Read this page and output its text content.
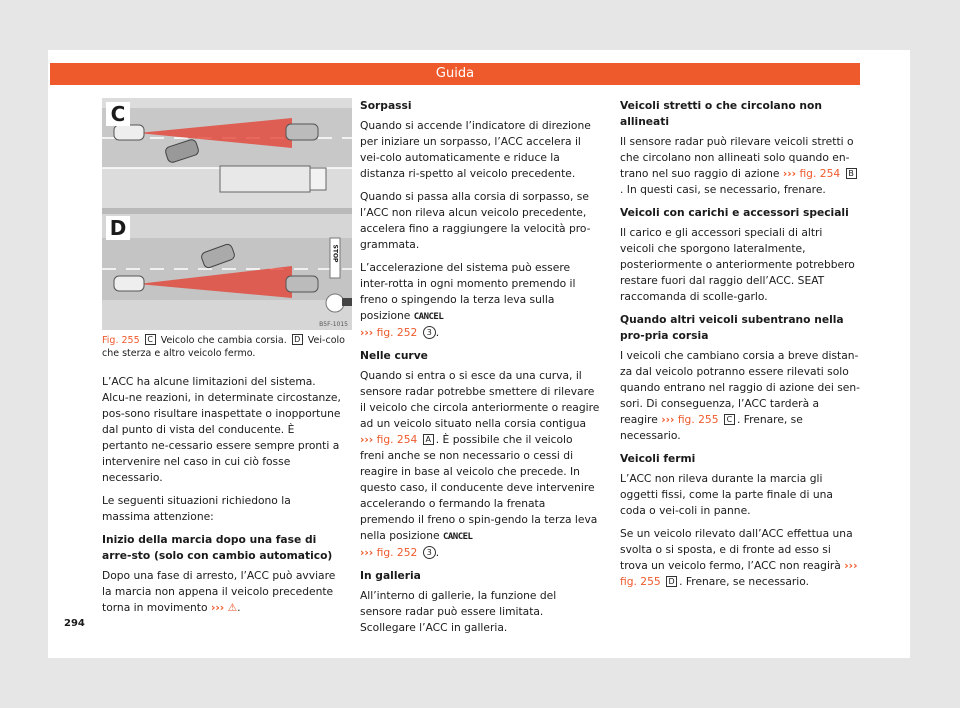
Guida
C
D
STOP
B5F-1015
Fig. 255 C Veicolo che cambia corsia. D Vei-colo che sterza e altro veicolo fermo.

L’ACC ha alcune limitazioni del sistema. Alcu-ne reazioni, in determinate circostanze, pos-sono risultare inaspettate o inopportune dal punto di vista del conducente. È pertanto ne-cessario essere sempre pronti a intervenire nel caso in cui ciò fosse necessario.

Le seguenti situazioni richiedono la massima attenzione:

Inizio della marcia dopo una fase di arre-sto (solo con cambio automatico)

Dopo una fase di arresto, l’ACC può avviare la marcia non appena il veicolo precedente torna in movimento ››› ⚠.

Sorpassi

Quando si accende l’indicatore di direzione per iniziare un sorpasso, l’ACC accelera il vei-colo automaticamente e riduce la distanza ri-spetto al veicolo precedente.

Quando si passa alla corsia di sorpasso, se l’ACC non rileva alcun veicolo precedente, accelera fino a raggiungere la velocità pro-grammata.

L’accelerazione del sistema può essere inter-rotta in ogni momento premendo il freno o spingendo la terza leva sulla posizione CANCEL
››› fig. 252 3 .

Nelle curve

Quando si entra o si esce da una curva, il sensore radar potrebbe smettere di rilevare il veicolo che circola anteriormente o reagire ad un veicolo situato nella corsia contigua ››› fig. 254 A . È possibile che il veicolo freni anche se non necessario o cessi di reagire in base al veicolo che precede. In questo caso, il conducente deve intervenire accelerando o fermando la frenata premendo il freno o spin-gendo la terza leva nella posizione CANCEL
››› fig. 252 3 .

In galleria

All’interno di gallerie, la funzione del sensore radar può essere limitata. Scollegare l’ACC in galleria.

Veicoli stretti o che circolano non allineati

Il sensore radar può rilevare veicoli stretti o che circolano non allineati solo quando en-trano nel suo raggio di azione ››› fig. 254 B. In questi casi, se necessario, frenare.

Veicoli con carichi e accessori speciali

Il carico e gli accessori speciali di altri veicoli che sporgono lateralmente, posteriormente o anteriormente potrebbero restare fuori dal raggio dell’ACC. SEAT raccomanda di scolle-garlo.

Quando altri veicoli subentrano nella pro-pria corsia

I veicoli che cambiano corsia a breve distan-za dal veicolo potranno essere rilevati solo quando entrano nel raggio di azione dei sen-sori. Di conseguenza, l’ACC tarderà a reagire ››› fig. 255 C . Frenare, se necessario.

Veicoli fermi

L’ACC non rileva durante la marcia gli oggetti fissi, come la parte finale di una coda o vei-coli in panne.

Se un veicolo rilevato dall’ACC effettua una svolta o si sposta, e di fronte ad esso si trova un veicolo fermo, l’ACC non reagirà ››› fig. 255 D . Frenare, se necessario.

294
